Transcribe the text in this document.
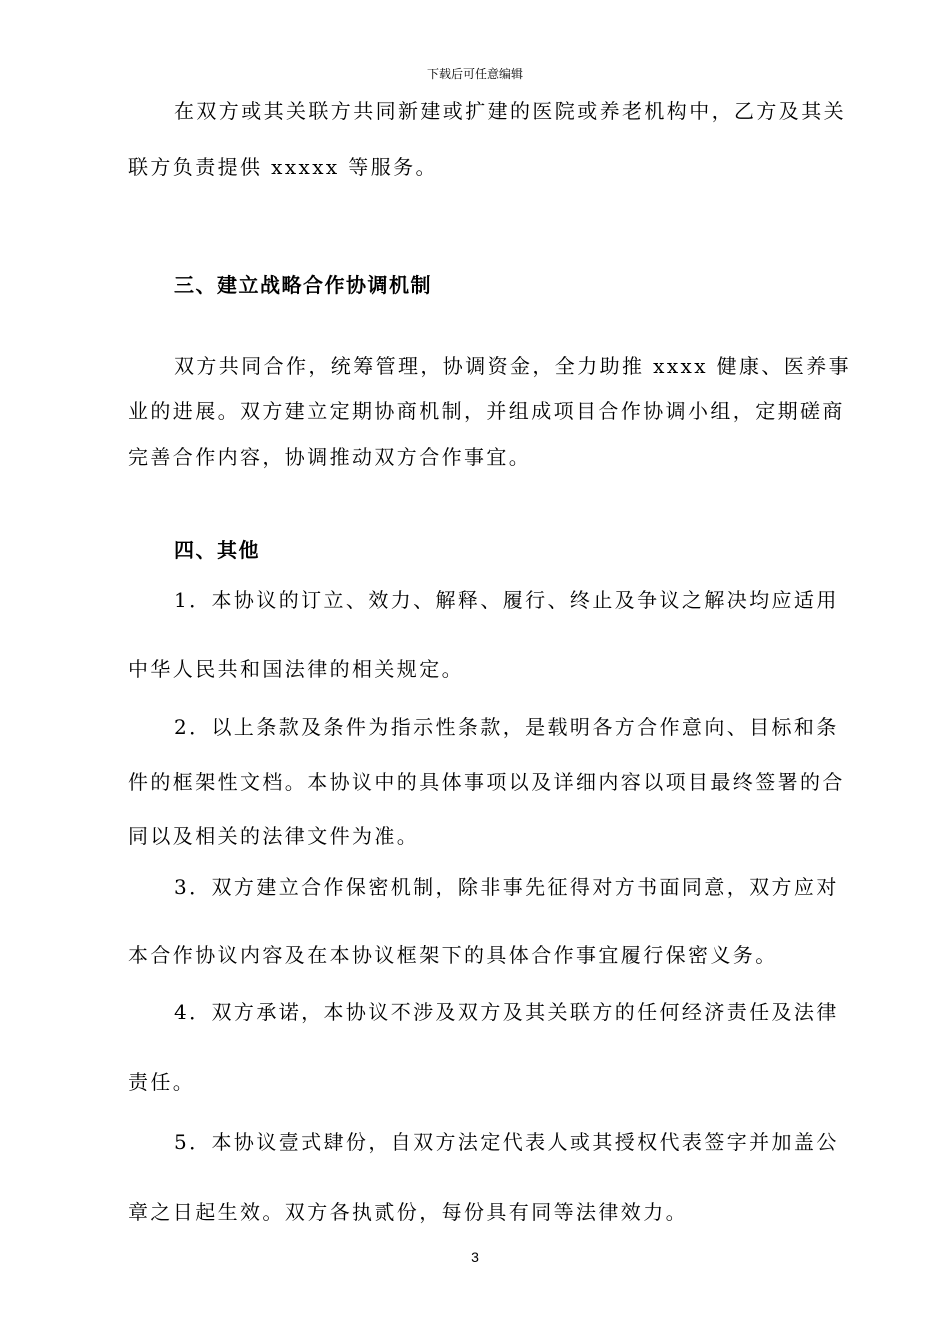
下载后可任意编辑
在双方或其关联方共同新建或扩建的医院或养老机构中，乙方及其关
联方负责提供 xxxxx 等服务。
三、建立战略合作协调机制
双方共同合作，统筹管理，协调资金，全力助推 xxxx 健康、医养事
业的进展。双方建立定期协商机制，并组成项目合作协调小组，定期磋商
完善合作内容，协调推动双方合作事宜。
四、其他
1．本协议的订立、效力、解释、履行、终止及争议之解决均应适用
中华人民共和国法律的相关规定。
2．以上条款及条件为指示性条款，是载明各方合作意向、目标和条
件的框架性文档。本协议中的具体事项以及详细内容以项目最终签署的合
同以及相关的法律文件为准。
3．双方建立合作保密机制，除非事先征得对方书面同意，双方应对
本合作协议内容及在本协议框架下的具体合作事宜履行保密义务。
4．双方承诺，本协议不涉及双方及其关联方的任何经济责任及法律
责任。
5．本协议壹式肆份，自双方法定代表人或其授权代表签字并加盖公
章之日起生效。双方各执贰份，每份具有同等法律效力。
3
